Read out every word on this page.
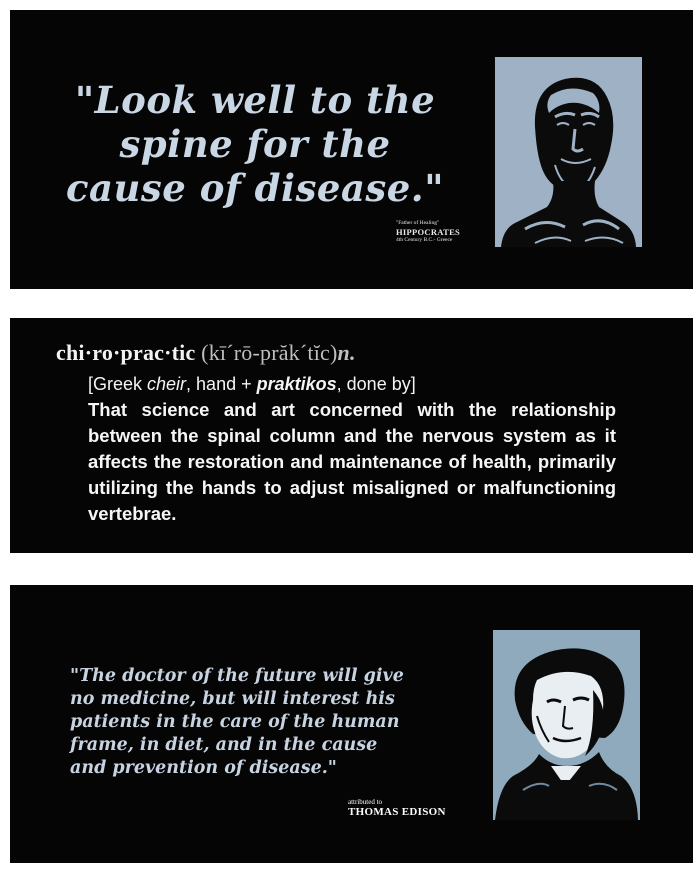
"Look well to the
spine for the
cause of disease."
"Father of Healing"
HIPPOCRATES
4th Century B.C.- Greece
chi·ro·prac·tic (kī´rō-prăk´tĭc)n.
[Greek cheir, hand + praktikos, done by]
That science and art concerned with the relationship between the spinal column and the nervous system as it affects the restoration and maintenance of health, primarily utilizing the hands to adjust misaligned or malfunctioning vertebrae.
"The doctor of the future will give
no medicine, but will interest his
patients in the care of the human
frame, in diet, and in the cause
and prevention of disease."
attributed to
THOMAS EDISON
